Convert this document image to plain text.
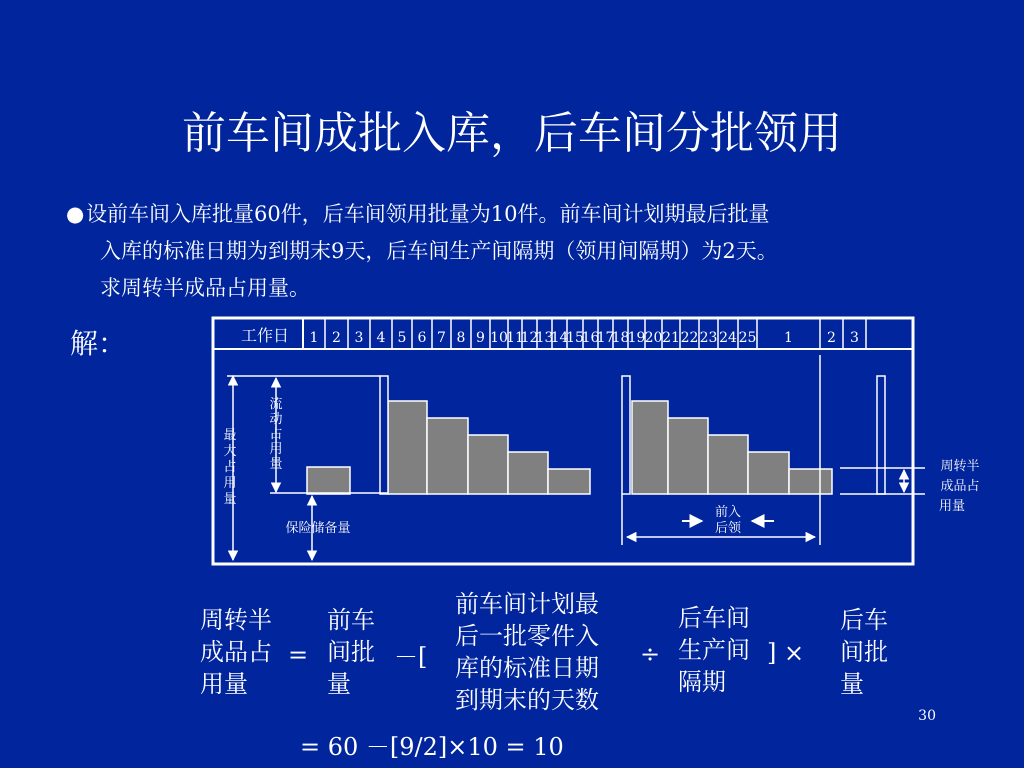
前车间成批入库，后车间分批领用
● 设前车间入库批量60件，后车间领用批量为10件。前车间计划期最后批量
入库的标准日期为到期末9天，后车间生产间隔期（领用间隔期）为2天。
求周转半成品占用量。
解：	工作日 1 2 3 4 5 6 7 8 9 10
11
12
13
14
15
16
17
18
19 20 21 22 23 24 25 1 2 3
最
大
占
用
量
流
动
占
用
量
保险储备量
前入
后领
周转半
成品占
用量
周转半
成品占
用量
=
前车
间批
量
－[
前车间计划最
后一批零件入
库的标准日期
到期末的天数
÷
后车间
生产间
隔期
] ×
后车
间批
量
= 60 －[9/2]×10 = 10
30
